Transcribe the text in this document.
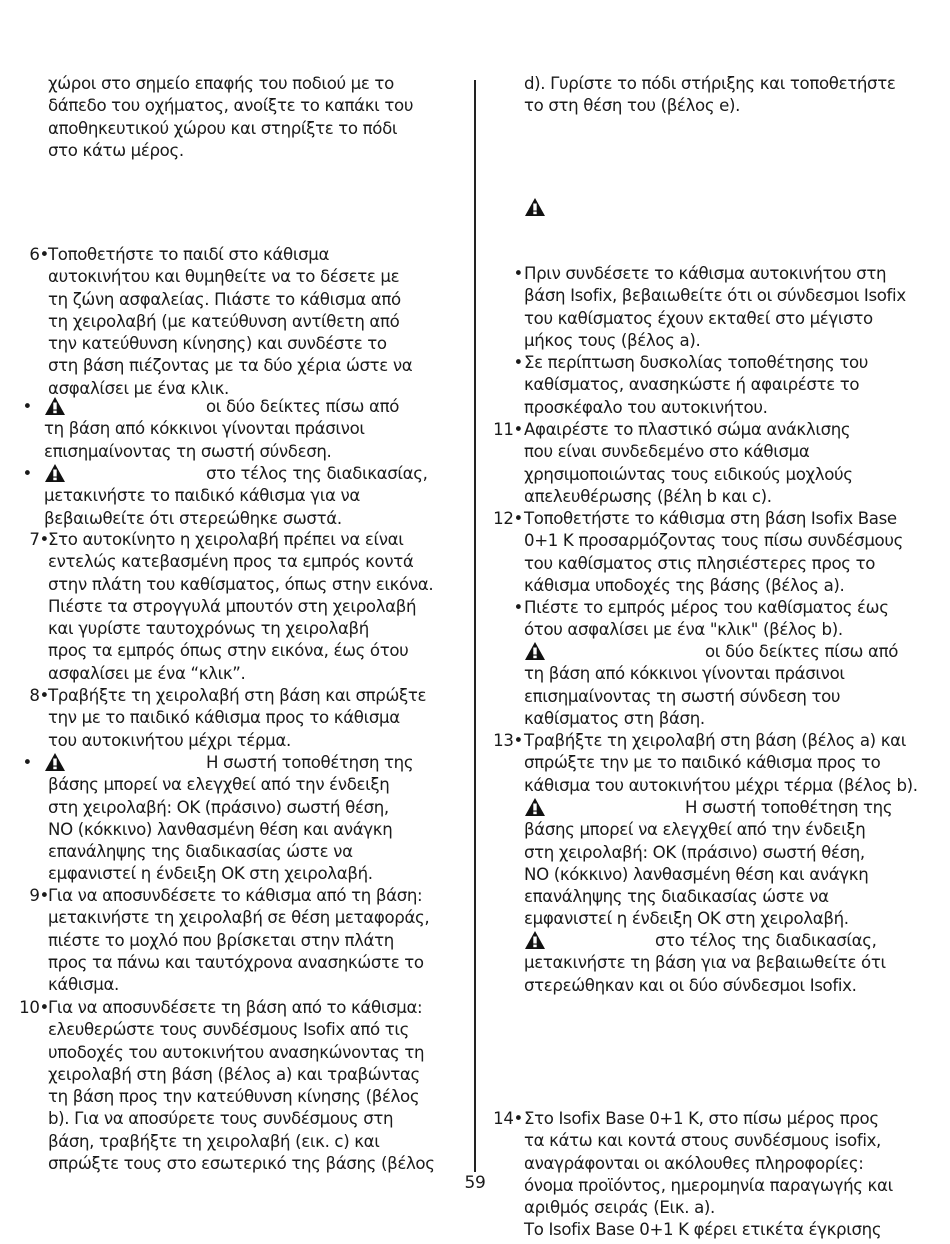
χώροι στο σημείο επαφής του ποδιού με το
δάπεδο του οχήματος, ανοίξτε το καπάκι του
αποθηκευτικού χώρου και στηρίξτε το πόδι
στο κάτω μέρος.
6• Τοποθετήστε το παιδί στο κάθισμα
αυτοκινήτου και θυμηθείτε να το δέσετε με
τη ζώνη ασφαλείας. Πιάστε το κάθισμα από
τη χειρολαβή (με κατεύθυνση αντίθετη από
την κατεύθυνση κίνησης) και συνδέστε το
στη βάση πιέζοντας με τα δύο χέρια ώστε να
ασφαλίσει με ένα κλικ.
•	οι δύο δείκτες πίσω από
τη βάση από κόκκινοι γίνονται πράσινοι
επισημαίνοντας τη σωστή σύνδεση.
•	στο τέλος της διαδικασίας,
μετακινήστε το παιδικό κάθισμα για να
βεβαιωθείτε ότι στερεώθηκε σωστά.
7• Στο αυτοκίνητο η χειρολαβή πρέπει να είναι
εντελώς κατεβασμένη προς τα εμπρός κοντά
στην πλάτη του καθίσματος, όπως στην εικόνα.
Πιέστε τα στρογγυλά μπουτόν στη χειρολαβή
και γυρίστε ταυτοχρόνως τη χειρολαβή
προς τα εμπρός όπως στην εικόνα, έως ότου
ασφαλίσει με ένα “κλικ”.
8• Τραβήξτε τη χειρολαβή στη βάση και σπρώξτε
την με το παιδικό κάθισμα προς το κάθισμα
του αυτοκινήτου μέχρι τέρμα.
•	Η σωστή τοποθέτηση της
βάσης μπορεί να ελεγχθεί από την ένδειξη
στη χειρολαβή: OK (πράσινο) σωστή θέση,
NO (κόκκινο) λανθασμένη θέση και ανάγκη
επανάληψης της διαδικασίας ώστε να
εμφανιστεί η ένδειξη OK στη χειρολαβή.
9• Για να αποσυνδέσετε το κάθισμα από τη βάση:
μετακινήστε τη χειρολαβή σε θέση μεταφοράς,
πιέστε το μοχλό που βρίσκεται στην πλάτη
προς τα πάνω και ταυτόχρονα ανασηκώστε το
κάθισμα.
10• Για να αποσυνδέσετε τη βάση από το κάθισμα:
ελευθερώστε τους συνδέσμους Isofix από τις
υποδοχές του αυτοκινήτου ανασηκώνοντας τη
χειρολαβή στη βάση (βέλος a) και τραβώντας
τη βάση προς την κατεύθυνση κίνησης (βέλος
b). Για να αποσύρετε τους συνδέσμους στη
βάση, τραβήξτε τη χειρολαβή (εικ. c) και
σπρώξτε τους στο εσωτερικό της βάσης (βέλος
d). Γυρίστε το πόδι στήριξης και τοποθετήστε
το στη θέση του (βέλος e).
• Πριν συνδέσετε το κάθισμα αυτοκινήτου στη
βάση Isofix, βεβαιωθείτε ότι οι σύνδεσμοι Isofix
του καθίσματος έχουν εκταθεί στο μέγιστο
μήκος τους (βέλος a).
• Σε περίπτωση δυσκολίας τοποθέτησης του
καθίσματος, ανασηκώστε ή αφαιρέστε το
προσκέφαλο του αυτοκινήτου.
11• Αφαιρέστε το πλαστικό σώμα ανάκλισης
που είναι συνδεδεμένο στο κάθισμα
χρησιμοποιώντας τους ειδικούς μοχλούς
απελευθέρωσης (βέλη b και c).
12• Τοποθετήστε το κάθισμα στη βάση Isofix Base
0+1 K προσαρμόζοντας τους πίσω συνδέσμους
του καθίσματος στις πλησιέστερες προς το
κάθισμα υποδοχές της βάσης (βέλος a).
• Πιέστε το εμπρός μέρος του καθίσματος έως
ότου ασφαλίσει με ένα "κλικ" (βέλος b).
οι δύο δείκτες πίσω από
τη βάση από κόκκινοι γίνονται πράσινοι
επισημαίνοντας τη σωστή σύνδεση του
καθίσματος στη βάση.
13• Τραβήξτε τη χειρολαβή στη βάση (βέλος a) και
σπρώξτε την με το παιδικό κάθισμα προς το
κάθισμα του αυτοκινήτου μέχρι τέρμα (βέλος b).
Η σωστή τοποθέτηση της
βάσης μπορεί να ελεγχθεί από την ένδειξη
στη χειρολαβή: OK (πράσινο) σωστή θέση,
NO (κόκκινο) λανθασμένη θέση και ανάγκη
επανάληψης της διαδικασίας ώστε να
εμφανιστεί η ένδειξη OK στη χειρολαβή.
στο τέλος της διαδικασίας,
μετακινήστε τη βάση για να βεβαιωθείτε ότι
στερεώθηκαν και οι δύο σύνδεσμοι Isofix.
14• Στο Isofix Base 0+1 K, στο πίσω μέρος προς
τα κάτω και κοντά στους συνδέσμους isofix,
αναγράφονται οι ακόλουθες πληροφορίες:
όνομα προϊόντος, ημερομηνία παραγωγής και
αριθμός σειράς (Εικ. a).
Το Isofix Base 0+1 K φέρει ετικέτα έγκρισης
59
